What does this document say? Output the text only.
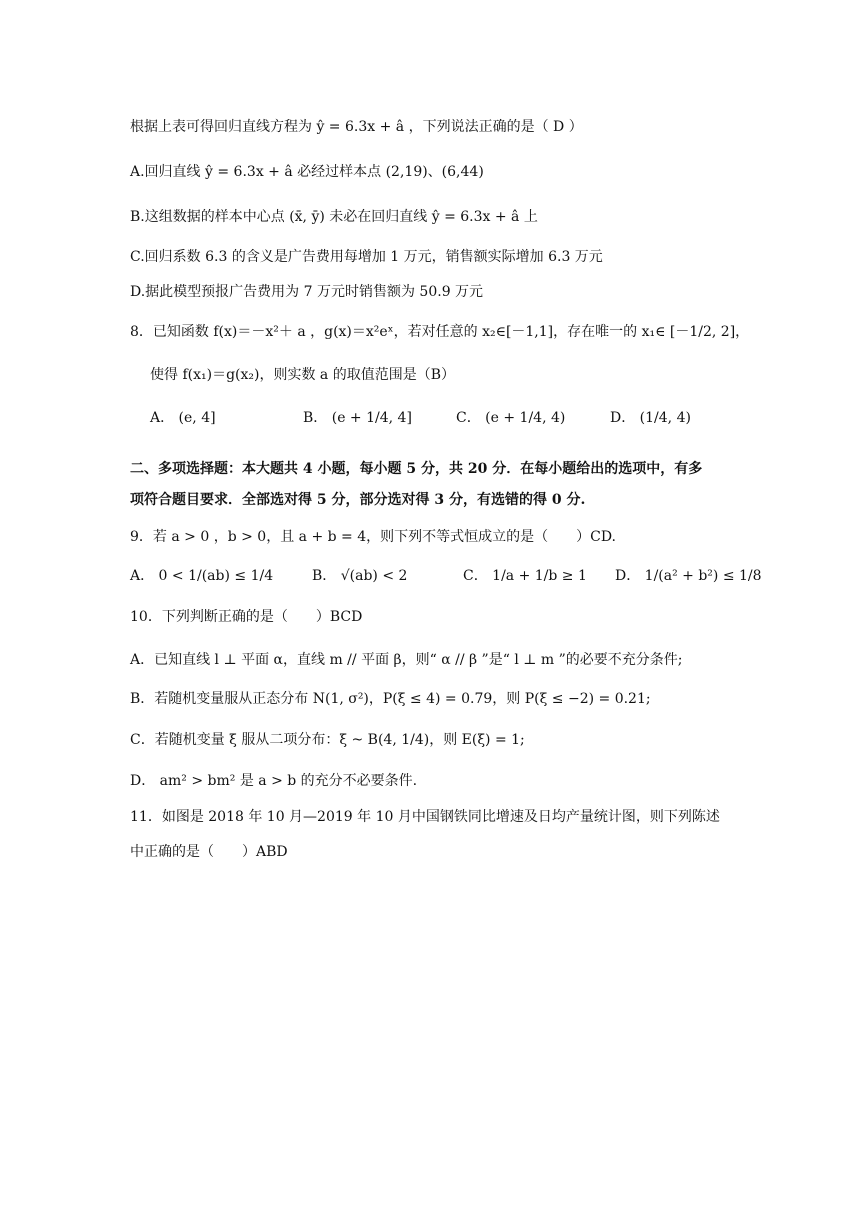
根据上表可得回归直线方程为 ŷ = 6.3x + â ，下列说法正确的是（ D ）
A.回归直线 ŷ = 6.3x + â 必经过样本点 (2,19)、(6,44)
B.这组数据的样本中心点 (x̄, ȳ) 未必在回归直线 ŷ = 6.3x + â 上
C.回归系数 6.3 的含义是广告费用每增加 1 万元，销售额实际增加 6.3 万元
D.据此模型预报广告费用为 7 万元时销售额为 50.9 万元
8．已知函数 f(x)＝－x²＋ a ，g(x)＝x²eˣ，若对任意的 x₂∈[－1,1]，存在唯一的 x₁∈ [－1/2, 2]，
使得 f(x₁)＝g(x₂)，则实数 a 的取值范围是（B）
A． (e, 4]	B． (e + 1/4, 4]	C． (e + 1/4, 4)	D． (1/4, 4)
二、多项选择题：本大题共 4 小题，每小题 5 分，共 20 分．在每小题给出的选项中，有多
项符合题目要求．全部选对得 5 分，部分选对得 3 分，有选错的得 0 分.
9．若 a > 0 ，b > 0，且 a + b = 4，则下列不等式恒成立的是（　　）CD.
A． 0 < 1/(ab) ≤ 1/4	B． √(ab) < 2	C． 1/a + 1/b ≥ 1 D． 1/(a² + b²) ≤ 1/8
10．下列判断正确的是（　　）BCD
A．已知直线 l ⊥ 平面 α，直线 m // 平面 β，则“ α // β ”是“ l ⊥ m ”的必要不充分条件;
B．若随机变量服从正态分布 N(1, σ²)，P(ξ ≤ 4) = 0.79，则 P(ξ ≤ −2) = 0.21;
C．若随机变量 ξ 服从二项分布：ξ ~ B(4, 1/4)，则 E(ξ) = 1;
D． am² > bm² 是 a > b 的充分不必要条件.
11．如图是 2018 年 10 月—2019 年 10 月中国钢铁同比增速及日均产量统计图，则下列陈述
中正确的是（　　）ABD
